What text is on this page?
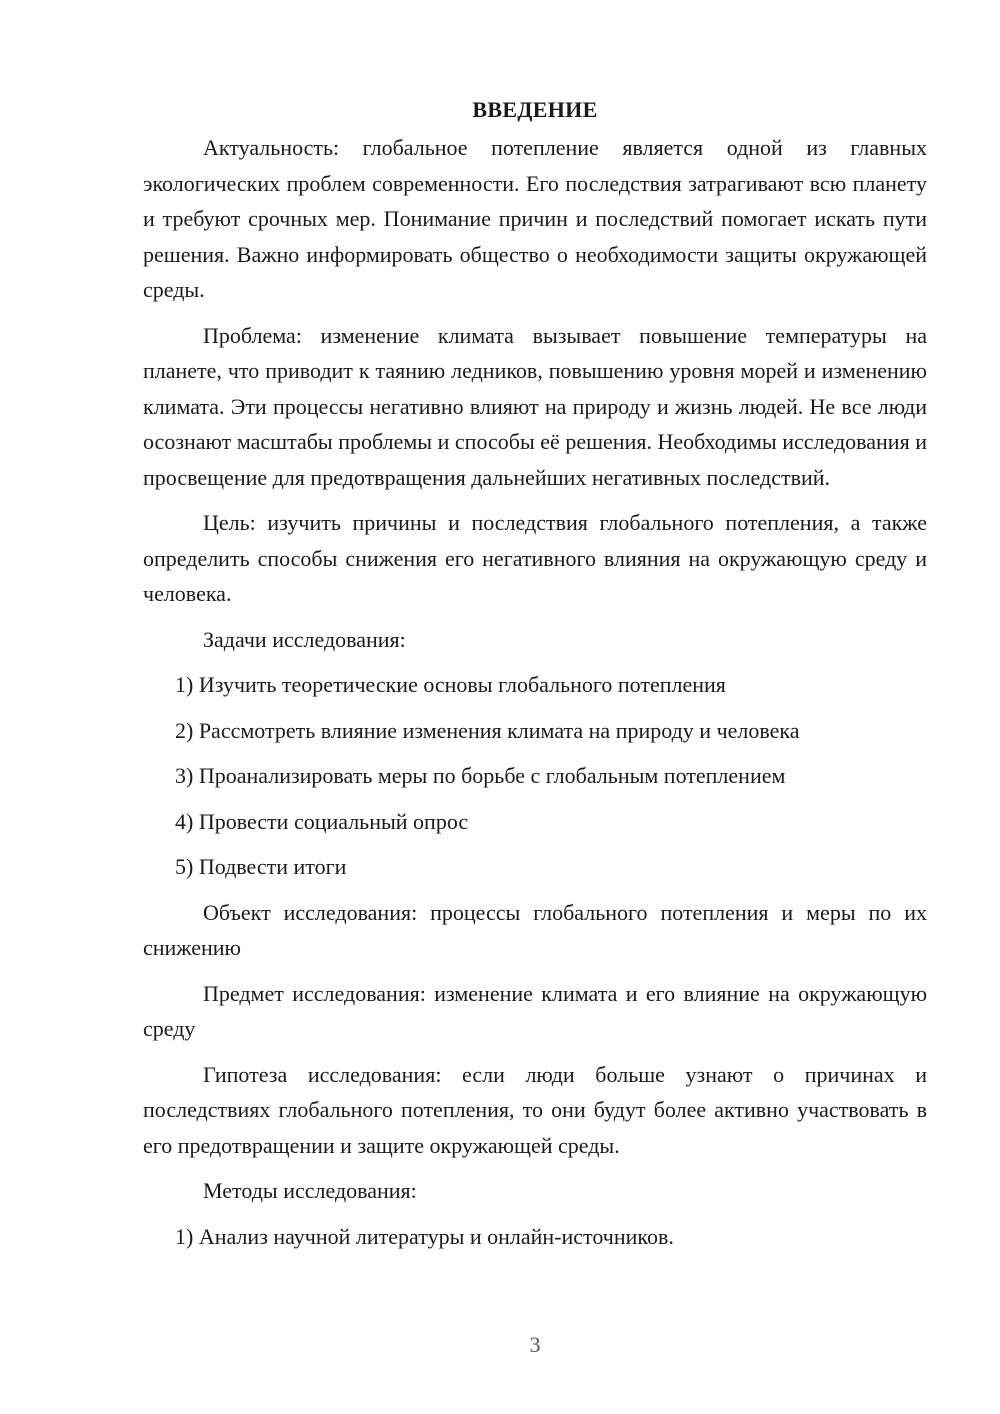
ВВЕДЕНИЕ

Актуальность: глобальное потепление является одной из главных экологических проблем современности. Его последствия затрагивают всю планету и требуют срочных мер. Понимание причин и последствий помогает искать пути решения. Важно информировать общество о необходимости защиты окружающей среды.

Проблема: изменение климата вызывает повышение температуры на планете, что приводит к таянию ледников, повышению уровня морей и изменению климата. Эти процессы негативно влияют на природу и жизнь людей. Не все люди осознают масштабы проблемы и способы её решения. Необходимы исследования и просвещение для предотвращения дальнейших негативных последствий.

Цель: изучить причины и последствия глобального потепления, а также определить способы снижения его негативного влияния на окружающую среду и человека.

Задачи исследования:

1) Изучить теоретические основы глобального потепления
2) Рассмотреть влияние изменения климата на природу и человека
3) Проанализировать меры по борьбе с глобальным потеплением
4) Провести социальный опрос
5) Подвести итоги

Объект исследования: процессы глобального потепления и меры по их снижению

Предмет исследования: изменение климата и его влияние на окружающую среду

Гипотеза исследования: если люди больше узнают о причинах и последствиях глобального потепления, то они будут более активно участвовать в его предотвращении и защите окружающей среды.

Методы исследования:

1) Анализ научной литературы и онлайн-источников.
3
